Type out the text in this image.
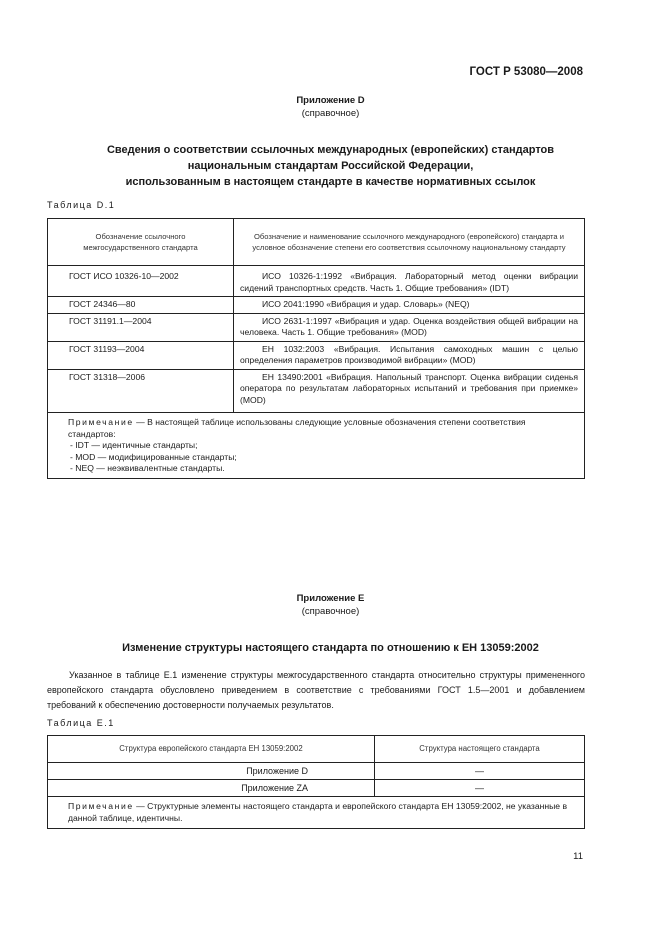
ГОСТ Р 53080—2008
Приложение D
(справочное)
Сведения о соответствии ссылочных международных (европейских) стандартов
национальным стандартам Российской Федерации,
использованным в настоящем стандарте в качестве нормативных ссылок
Таблица D.1
Обозначение ссылочного межгосударственного стандарта	Обозначение и наименование ссылочного международного (европейского) стандарта и условное обозначение степени его соответствия ссылочному национальному стандарту
ГОСТ ИСО 10326-10—2002	ИСО 10326-1:1992 «Вибрация. Лабораторный метод оценки вибрации сидений транспортных средств. Часть 1. Общие требования» (IDT)
ГОСТ 24346—80	ИСО 2041:1990 «Вибрация и удар. Словарь» (NEQ)
ГОСТ 31191.1—2004	ИСО 2631-1:1997 «Вибрация и удар. Оценка воздействия общей вибрации на человека. Часть 1. Общие требования» (MOD)
ГОСТ 31193—2004	ЕН 1032:2003 «Вибрация. Испытания самоходных машин с целью определения параметров производимой вибрации» (MOD)
ГОСТ 31318—2006	ЕН 13490:2001 «Вибрация. Напольный транспорт. Оценка вибрации сиденья оператора по результатам лабораторных испытаний и требования при приемке» (MOD)

Примечание — В настоящей таблице использованы следующие условные обозначения степени соответствия стандартов:
- IDT — идентичные стандарты;
- MOD — модифицированные стандарты;
- NEQ — неэквивалентные стандарты.	
Приложение E
(справочное)
Изменение структуры настоящего стандарта по отношению к ЕН 13059:2002
Указанное в таблице E.1 изменение структуры межгосударственного стандарта относительно структуры примененного европейского стандарта обусловлено приведением в соответствие с требованиями ГОСТ 1.5—2001 и добавлением требований к обеспечению достоверности получаемых результатов.
Таблица E.1
Структура европейского стандарта ЕН 13059:2002	Структура настоящего стандарта
Приложение D	—
Приложение ZA	—
Примечание — Структурные элементы настоящего стандарта и европейского стандарта ЕН 13059:2002, не указанные в данной таблице, идентичны.	
11
